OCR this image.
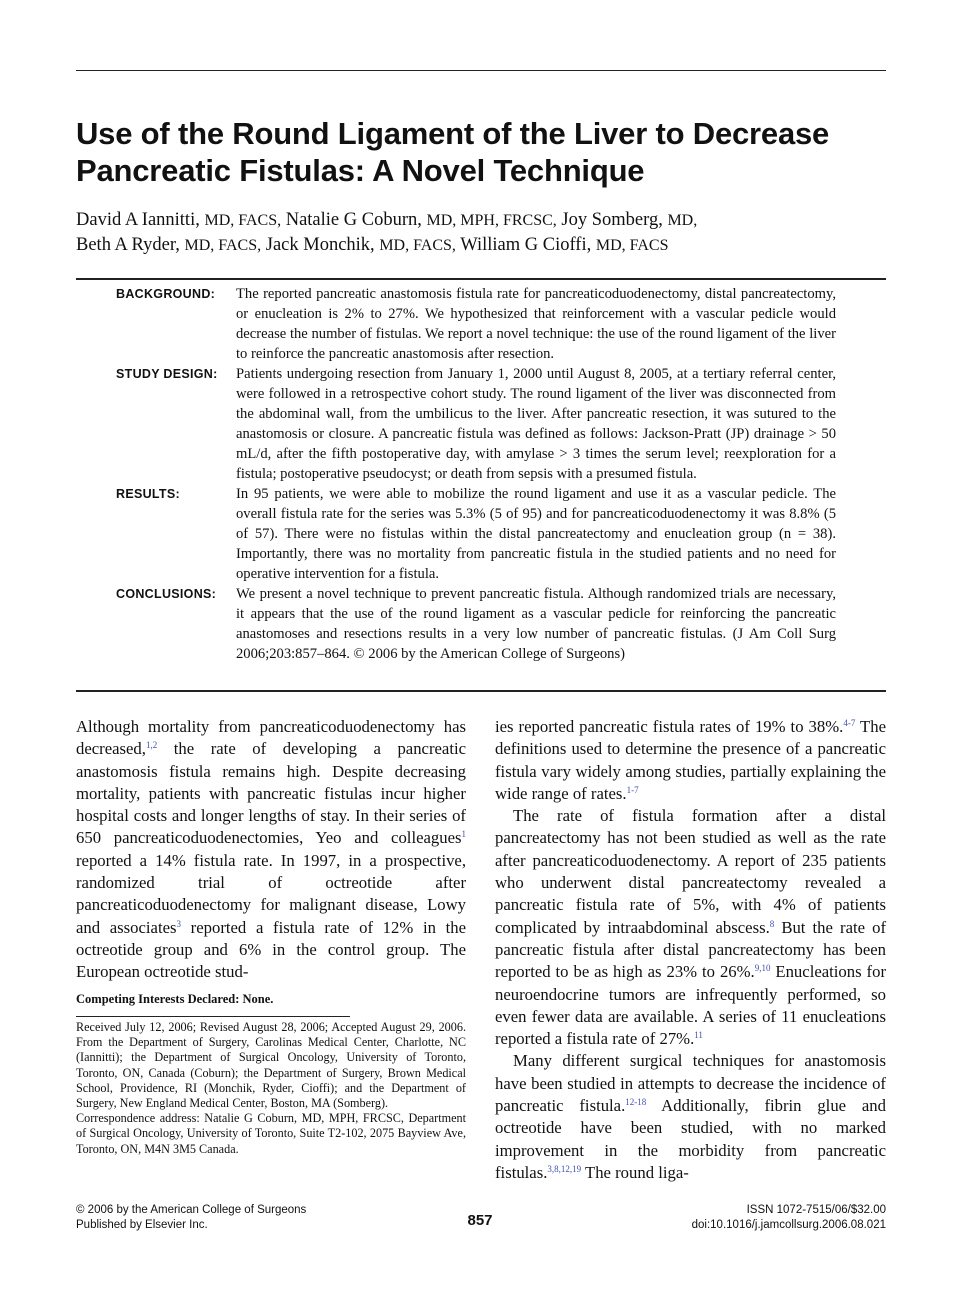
Use of the Round Ligament of the Liver to Decrease Pancreatic Fistulas: A Novel Technique
David A Iannitti, MD, FACS, Natalie G Coburn, MD, MPH, FRCSC, Joy Somberg, MD,
Beth A Ryder, MD, FACS, Jack Monchik, MD, FACS, William G Cioffi, MD, FACS
BACKGROUND:	The reported pancreatic anastomosis fistula rate for pancreaticoduodenectomy, distal pancreatectomy, or enucleation is 2% to 27%. We hypothesized that reinforcement with a vascular pedicle would decrease the number of fistulas. We report a novel technique: the use of the round ligament of the liver to reinforce the pancreatic anastomosis after resection.
STUDY DESIGN:	Patients undergoing resection from January 1, 2000 until August 8, 2005, at a tertiary referral center, were followed in a retrospective cohort study. The round ligament of the liver was disconnected from the abdominal wall, from the umbilicus to the liver. After pancreatic resection, it was sutured to the anastomosis or closure. A pancreatic fistula was defined as follows: Jackson-Pratt (JP) drainage > 50 mL/d, after the fifth postoperative day, with amylase > 3 times the serum level; reexploration for a fistula; postoperative pseudocyst; or death from sepsis with a presumed fistula.
RESULTS:	In 95 patients, we were able to mobilize the round ligament and use it as a vascular pedicle. The overall fistula rate for the series was 5.3% (5 of 95) and for pancreaticoduodenectomy it was 8.8% (5 of 57). There were no fistulas within the distal pancreatectomy and enucleation group (n = 38). Importantly, there was no mortality from pancreatic fistula in the studied patients and no need for operative intervention for a fistula.
CONCLUSIONS:	We present a novel technique to prevent pancreatic fistula. Although randomized trials are necessary, it appears that the use of the round ligament as a vascular pedicle for reinforcing the pancreatic anastomoses and resections results in a very low number of pancreatic fistulas. (J Am Coll Surg 2006;203:857–864. © 2006 by the American College of Surgeons)

Although mortality from pancreaticoduodenectomy has decreased,$^{1,2}$ the rate of developing a pancreatic anastomosis fistula remains high. Despite decreasing mortality, patients with pancreatic fistulas incur higher hospital costs and longer lengths of stay. In their series of 650 pancreaticoduodenectomies, Yeo and colleagues$^1$ reported a 14% fistula rate. In 1997, in a prospective, randomized trial of octreotide after pancreaticoduodenectomy for malignant disease, Lowy and associates$^3$ reported a fistula rate of 12% in the octreotide group and 6% in the control group. The European octreotide stud-

ies reported pancreatic fistula rates of 19% to 38%.$^{4-7}$ The definitions used to determine the presence of a pancreatic fistula vary widely among studies, partially explaining the wide range of rates.$^{1-7}$

The rate of fistula formation after a distal pancreatectomy has not been studied as well as the rate after pancreaticoduodenectomy. A report of 235 patients who underwent distal pancreatectomy revealed a pancreatic fistula rate of 5%, with 4% of patients complicated by intraabdominal abscess.$^8$ But the rate of pancreatic fistula after distal pancreatectomy has been reported to be as high as 23% to 26%.$^{9,10}$ Enucleations for neuroendocrine tumors are infrequently performed, so even fewer data are available. A series of 11 enucleations reported a fistula rate of 27%.$^{11}$

Many different surgical techniques for anastomosis have been studied in attempts to decrease the incidence of pancreatic fistula.$^{12-18}$ Additionally, fibrin glue and octreotide have been studied, with no marked improvement in the morbidity from pancreatic fistulas.$^{3,8,12,19}$ The round liga-

Competing Interests Declared: None.

Received July 12, 2006; Revised August 28, 2006; Accepted August 29, 2006. From the Department of Surgery, Carolinas Medical Center, Charlotte, NC (Iannitti); the Department of Surgical Oncology, University of Toronto, Toronto, ON, Canada (Coburn); the Department of Surgery, Brown Medical School, Providence, RI (Monchik, Ryder, Cioffi); and the Department of Surgery, New England Medical Center, Boston, MA (Somberg).

Correspondence address: Natalie G Coburn, MD, MPH, FRCSC, Department of Surgical Oncology, University of Toronto, Suite T2-102, 2075 Bayview Ave, Toronto, ON, M4N 3M5 Canada.

© 2006 by the American College of Surgeons
Published by Elsevier Inc.	857
ISSN 1072-7515/06/$32.00
doi:10.1016/j.jamcollsurg.2006.08.021
